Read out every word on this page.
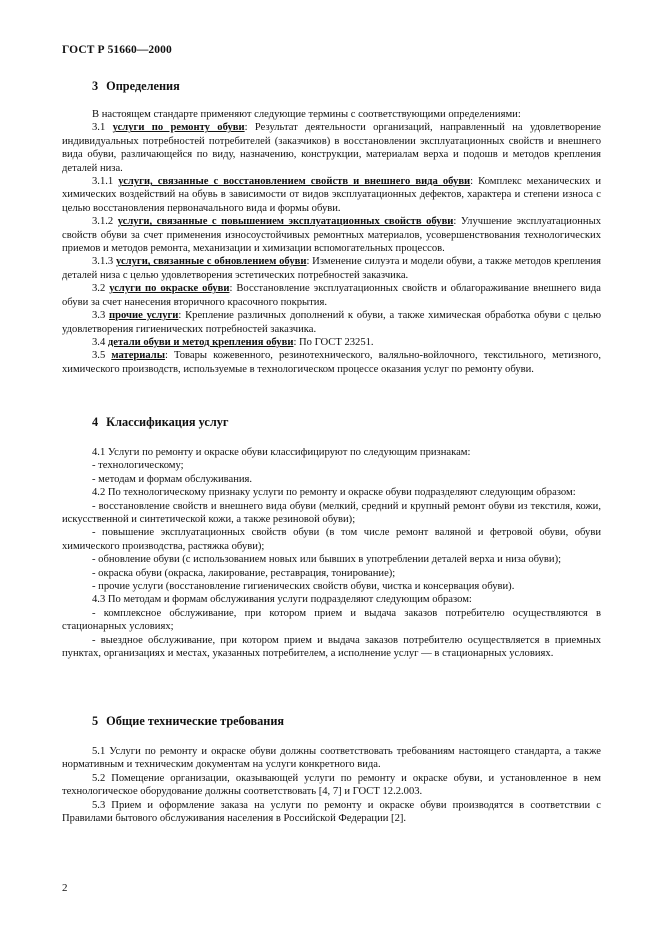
ГОСТ Р 51660—2000
3 Определения

В настоящем стандарте применяют следующие термины с соответствующими определениями:

3.1 услуги по ремонту обуви: Результат деятельности организаций, направленный на удовлетворение индивидуальных потребностей потребителей (заказчиков) в восстановлении эксплуатационных свойств и внешнего вида обуви, различающейся по виду, назначению, конструкции, материалам верха и подошв и методов крепления деталей низа.

3.1.1 услуги, связанные с восстановлением свойств и внешнего вида обуви: Комплекс механических и химических воздействий на обувь в зависимости от видов эксплуатационных дефектов, характера и степени износа с целью восстановления первоначального вида и формы обуви.

3.1.2 услуги, связанные с повышением эксплуатационных свойств обуви: Улучшение эксплуатационных свойств обуви за счет применения износоустойчивых ремонтных материалов, усовершенствования технологических приемов и методов ремонта, механизации и химизации вспомогательных процессов.

3.1.3 услуги, связанные с обновлением обуви: Изменение силуэта и модели обуви, а также методов крепления деталей низа с целью удовлетворения эстетических потребностей заказчика.

3.2 услуги по окраске обуви: Восстановление эксплуатационных свойств и облагораживание внешнего вида обуви за счет нанесения вторичного красочного покрытия.

3.3 прочие услуги: Крепление различных дополнений к обуви, а также химическая обработка обуви с целью удовлетворения гигиенических потребностей заказчика.

3.4 детали обуви и метод крепления обуви: По ГОСТ 23251.

3.5 материалы: Товары кожевенного, резинотехнического, валяльно-войлочного, текстильного, метизного, химического производств, используемые в технологическом процессе оказания услуг по ремонту обуви.

4 Классификация услуг

4.1 Услуги по ремонту и окраске обуви классифицируют по следующим признакам:

- технологическому;

- методам и формам обслуживания.

4.2 По технологическому признаку услуги по ремонту и окраске обуви подразделяют следующим образом:

- восстановление свойств и внешнего вида обуви (мелкий, средний и крупный ремонт обуви из текстиля, кожи, искусственной и синтетической кожи, а также резиновой обуви);

- повышение эксплуатационных свойств обуви (в том числе ремонт валяной и фетровой обуви, обуви химического производства, растяжка обуви);

- обновление обуви (с использованием новых или бывших в употреблении деталей верха и низа обуви);

- окраска обуви (окраска, лакирование, реставрация, тонирование);

- прочие услуги (восстановление гигиенических свойств обуви, чистка и консервация обуви).

4.3 По методам и формам обслуживания услуги подразделяют следующим образом:

- комплексное обслуживание, при котором прием и выдача заказов потребителю осуществляются в стационарных условиях;

- выездное обслуживание, при котором прием и выдача заказов потребителю осуществляется в приемных пунктах, организациях и местах, указанных потребителем, а исполнение услуг — в стационарных условиях.

5 Общие технические требования

5.1 Услуги по ремонту и окраске обуви должны соответствовать требованиям настоящего стандарта, а также нормативным и техническим документам на услуги конкретного вида.

5.2 Помещение организации, оказывающей услуги по ремонту и окраске обуви, и установленное в нем технологическое оборудование должны соответствовать [4, 7] и ГОСТ 12.2.003.

5.3 Прием и оформление заказа на услуги по ремонту и окраске обуви производятся в соответствии с Правилами бытового обслуживания населения в Российской Федерации [2].

2
